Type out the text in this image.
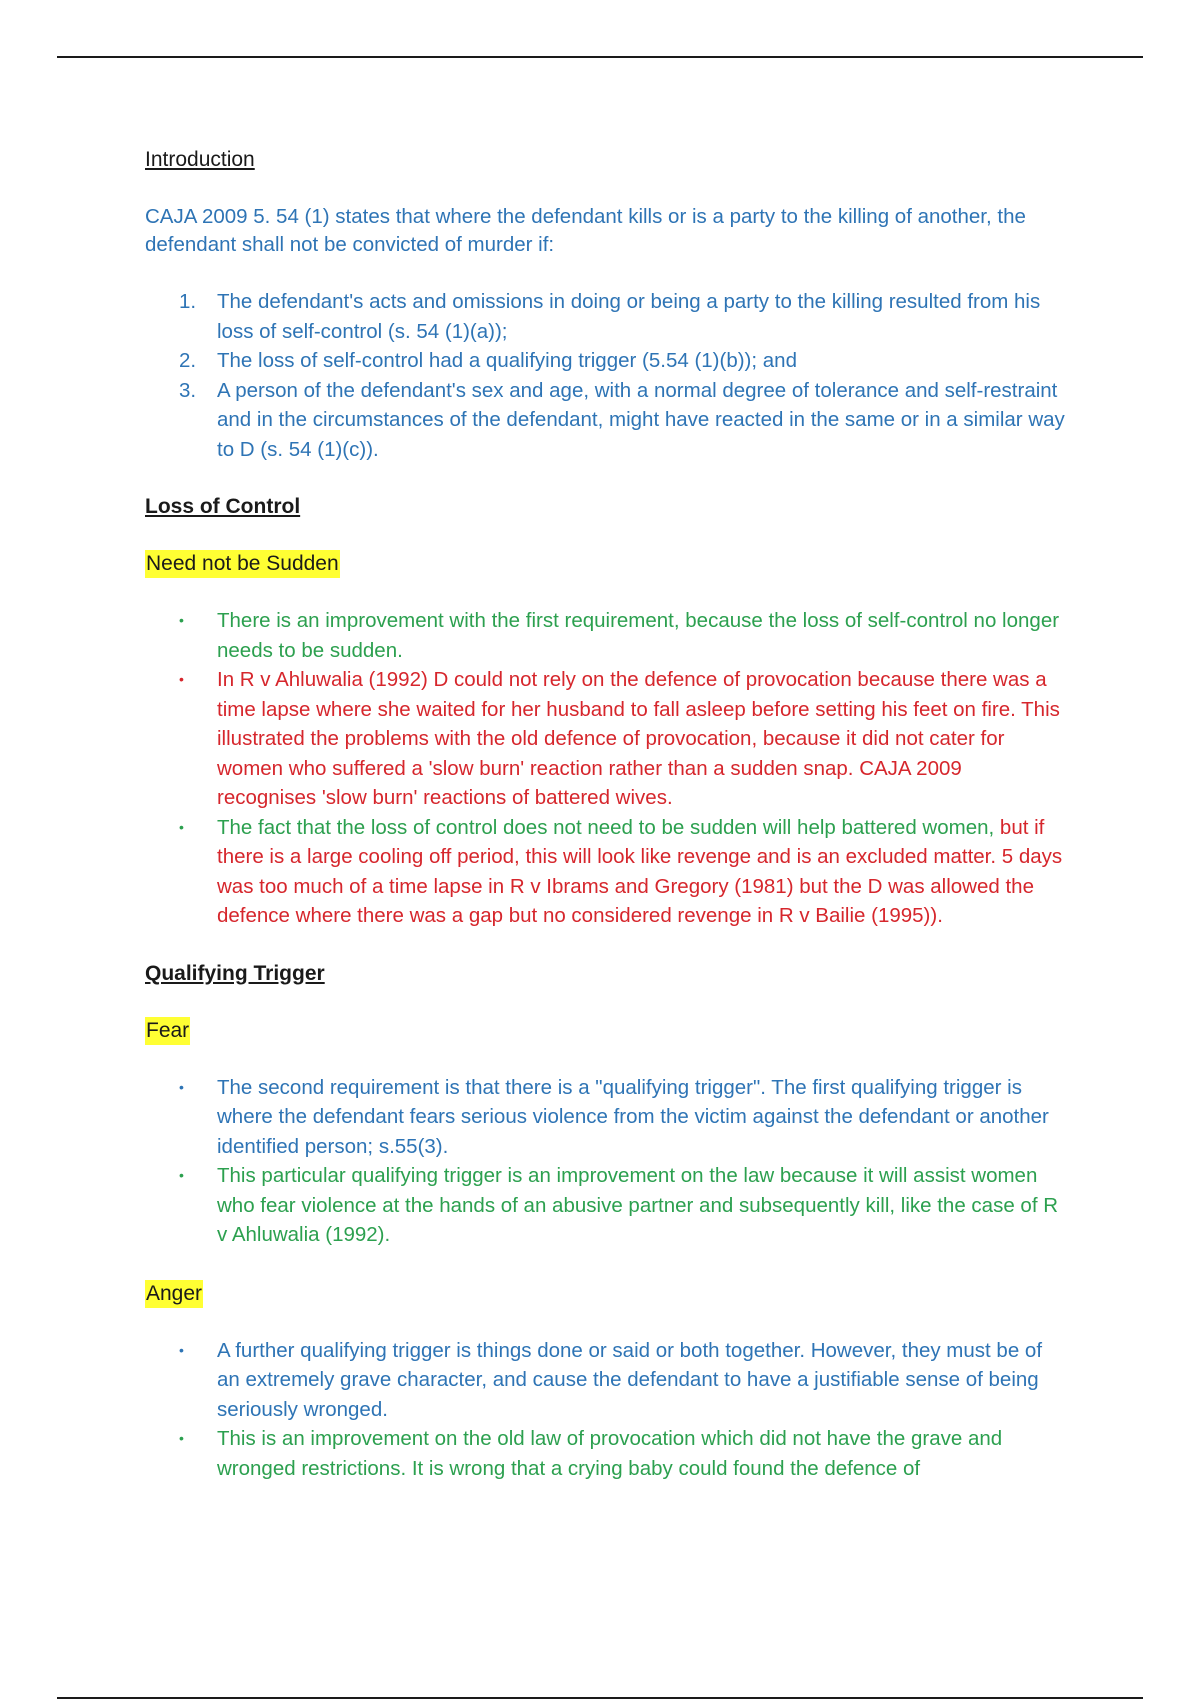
Introduction

CAJA 2009 5. 54 (1) states that where the defendant kills or is a party to the killing of another, the defendant shall not be convicted of murder if:

1.	The defendant's acts and omissions in doing or being a party to the killing resulted from his loss of self-control (s. 54 (1)(a));
2.	The loss of self-control had a qualifying trigger (5.54 (1)(b)); and
3.	A person of the defendant's sex and age, with a normal degree of tolerance and self-restraint and in the circumstances of the defendant, might have reacted in the same or in a similar way to D (s. 54 (1)(c)).

Loss of Control

Need not be Sudden

•	There is an improvement with the first requirement, because the loss of self-control no longer needs to be sudden.
•	In R v Ahluwalia (1992) D could not rely on the defence of provocation because there was a time lapse where she waited for her husband to fall asleep before setting his feet on fire. This illustrated the problems with the old defence of provocation, because it did not cater for women who suffered a 'slow burn' reaction rather than a sudden snap. CAJA 2009 recognises 'slow burn' reactions of battered wives.
•	The fact that the loss of control does not need to be sudden will help battered women, but if there is a large cooling off period, this will look like revenge and is an excluded matter. 5 days was too much of a time lapse in R v Ibrams and Gregory (1981) but the D was allowed the defence where there was a gap but no considered revenge in R v Bailie (1995)).

Qualifying Trigger

Fear

•	The second requirement is that there is a "qualifying trigger". The first qualifying trigger is where the defendant fears serious violence from the victim against the defendant or another identified person; s.55(3).
•	This particular qualifying trigger is an improvement on the law because it will assist women who fear violence at the hands of an abusive partner and subsequently kill, like the case of R v Ahluwalia (1992).

Anger

•	A further qualifying trigger is things done or said or both together. However, they must be of an extremely grave character, and cause the defendant to have a justifiable sense of being seriously wronged.
•	This is an improvement on the old law of provocation which did not have the grave and wronged restrictions. It is wrong that a crying baby could found the defence of
